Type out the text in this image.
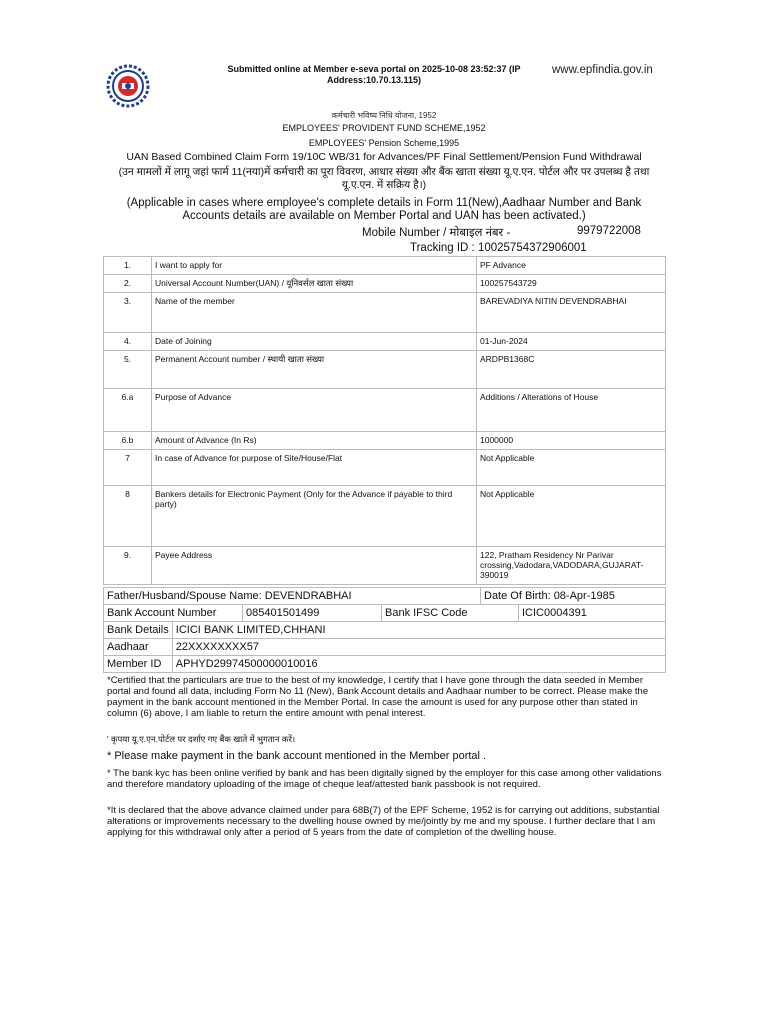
Submitted online at Member e-seva portal on 2025-10-08 23:52:37 (IP Address:10.70.13.115)
www.epfindia.gov.in
कर्मचारी भविष्य निधि योजना, 1952
EMPLOYEES' PROVIDENT FUND SCHEME,1952
EMPLOYEES' Pension Scheme,1995
UAN Based Combined Claim Form 19/10C WB/31 for Advances/PF Final Settlement/Pension Fund Withdrawal
(उन मामलों में लागू जहां फार्म 11(नया)में कर्मचारी का पूरा विवरण, आधार संख्या और बैंक खाता संख्या यू.ए.एन. पोर्टल और पर उपलब्ध है तथा यू.ए.एन. में सक्रिय है।)
(Applicable in cases where employee's complete details in Form 11(New),Aadhaar Number and Bank Accounts details are available on Member Portal and UAN has been activated.)
Mobile Number / मोबाइल नंबर -	9979722008
Tracking ID : 10025754372906001
1.	I want to apply for	PF Advance
2.	Universal Account Number(UAN) / यूनिवर्सल खाता संख्या	100257543729
3.	Name of the member	BAREVADIYA NITIN DEVENDRABHAI
4.	Date of Joining	01-Jun-2024
5.	Permanent Account number / स्थायी खाता संख्या	ARDPB1368C
6.a	Purpose of Advance	Additions / Alterations of House
6.b	Amount of Advance (In Rs)	1000000
7	In case of Advance for purpose of Site/House/Flat	Not Applicable
8	Bankers details for Electronic Payment (Only for the Advance if payable to third party)	Not Applicable
9.	Payee Address	122, Pratham Residency Nr Parivar crossing,Vadodara,VADODARA,GUJARAT-390019
Father/Husband/Spouse Name: DEVENDRABHAI	Date Of Birth: 08-Apr-1985
Bank Account Number	085401501499	Bank IFSC Code	ICIC0004391
Bank Details	ICICI BANK LIMITED,CHHANI
Aadhaar	22XXXXXXXX57
Member ID	APHYD29974500000010016
*Certified that the particulars are true to the best of my knowledge, I certify that I have gone through the data seeded in Member portal and found all data, including Form No 11 (New), Bank Account details and Aadhaar number to be correct. Please make the payment in the bank account mentioned in the Member Portal. In case the amount is used for any purpose other than stated in column (6) above, I am liable to return the entire amount with penal interest.
' कृपया यू.ए.एन.पोर्टल पर दर्शाए गए बैंक खाते में भुगतान करें।
* Please make payment in the bank account mentioned in the Member portal .
* The bank kyc has been online verified by bank and has been digitally signed by the employer for this case among other validations and therefore mandatory uploading of the image of cheque leaf/attested bank passbook is not required.
*It is declared that the above advance claimed under para 68B(7) of the EPF Scheme, 1952 is for carrying out additions, substantial alterations or improvements necessary to the dwelling house owned by me/jointly by me and my spouse. I further declare that I am applying for this withdrawal only after a period of 5 years from the date of completion of the dwelling house.
